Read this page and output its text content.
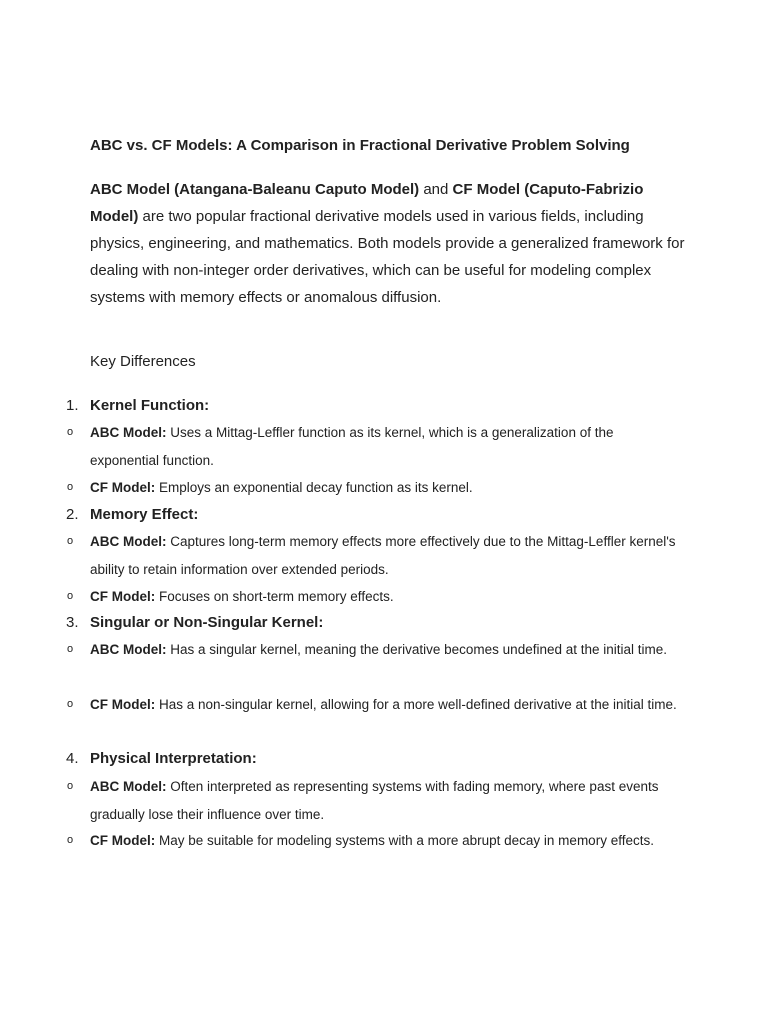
ABC vs. CF Models: A Comparison in Fractional Derivative Problem Solving
ABC Model (Atangana-Baleanu Caputo Model) and CF Model (Caputo-Fabrizio Model) are two popular fractional derivative models used in various fields, including physics, engineering, and mathematics. Both models provide a generalized framework for dealing with non-integer order derivatives, which can be useful for modeling complex systems with memory effects or anomalous diffusion.
Key Differences
1. Kernel Function:
o ABC Model: Uses a Mittag-Leffler function as its kernel, which is a generalization of the exponential function.
o CF Model: Employs an exponential decay function as its kernel.
2. Memory Effect:
o ABC Model: Captures long-term memory effects more effectively due to the Mittag-Leffler kernel's ability to retain information over extended periods.
o CF Model: Focuses on short-term memory effects.
3. Singular or Non-Singular Kernel:
o ABC Model: Has a singular kernel, meaning the derivative becomes undefined at the initial time.
o CF Model: Has a non-singular kernel, allowing for a more well-defined derivative at the initial time.
4. Physical Interpretation:
o ABC Model: Often interpreted as representing systems with fading memory, where past events gradually lose their influence over time.
o CF Model: May be suitable for modeling systems with a more abrupt decay in memory effects.
